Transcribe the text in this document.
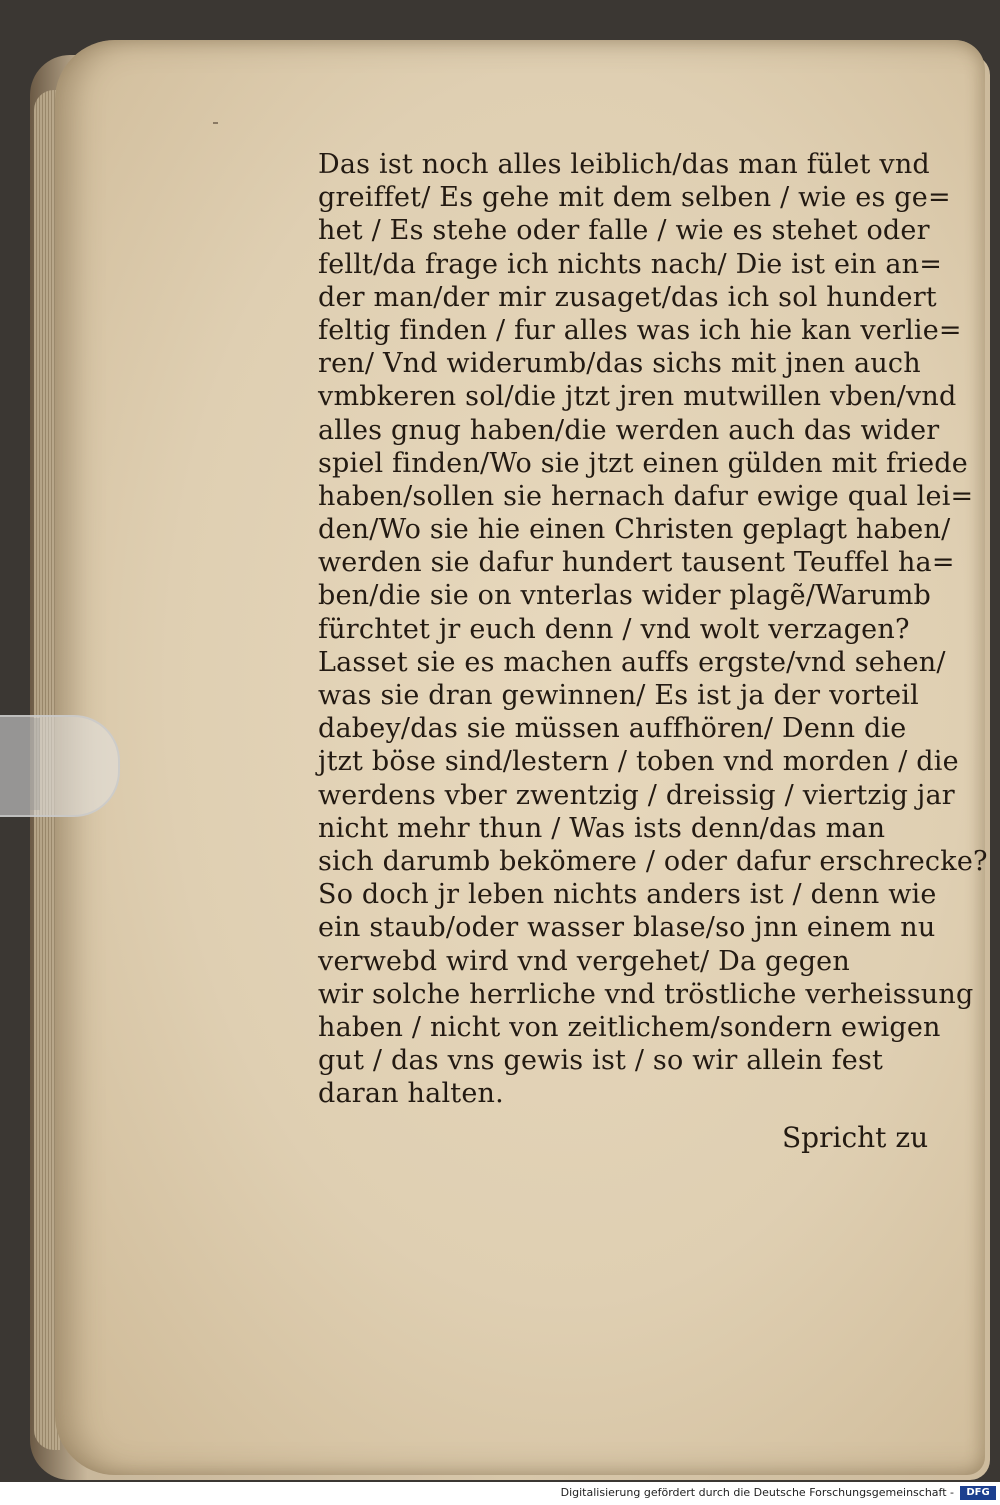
Das ist noch alles leiblich/das man fület vnd
greiffet/ Es gehe mit dem selben / wie es ge=
het / Es stehe oder falle / wie es stehet oder
fellt/da frage ich nichts nach/ Die ist ein an=
der man/der mir zusaget/das ich sol hundert
feltig finden / fur alles was ich hie kan verlie=
ren/ Vnd widerumb/das sichs mit jnen auch
vmbkeren sol/die jtzt jren mutwillen vben/vnd
alles gnug haben/die werden auch das wider
spiel finden/Wo sie jtzt einen gülden mit friede
haben/sollen sie hernach dafur ewige qual lei=
den/Wo sie hie einen Christen geplagt haben/
werden sie dafur hundert tausent Teuffel ha=
ben/die sie on vnterlas wider plagẽ/Warumb
fürchtet jr euch denn / vnd wolt verzagen?
Lasset sie es machen auffs ergste/vnd sehen/
was sie dran gewinnen/ Es ist ja der vorteil
dabey/das sie müssen auffhören/ Denn die
jtzt böse sind/lestern / toben vnd morden / die
werdens vber zwentzig / dreissig / viertzig jar
nicht mehr thun / Was ists denn/das man
sich darumb bekömere / oder dafur erschrecke?
So doch jr leben nichts anders ist / denn wie
ein staub/oder wasser blase/so jnn einem nu
verwebd wird vnd vergehet/ Da gegen
wir solche herrliche vnd tröstliche verheissung
haben / nicht von zeitlichem/sondern ewigen
gut / das vns gewis ist / so wir allein fest
daran halten.
Spricht zu
Digitalisierung gefördert durch die Deutsche Forschungsgemeinschaft -	DFG
